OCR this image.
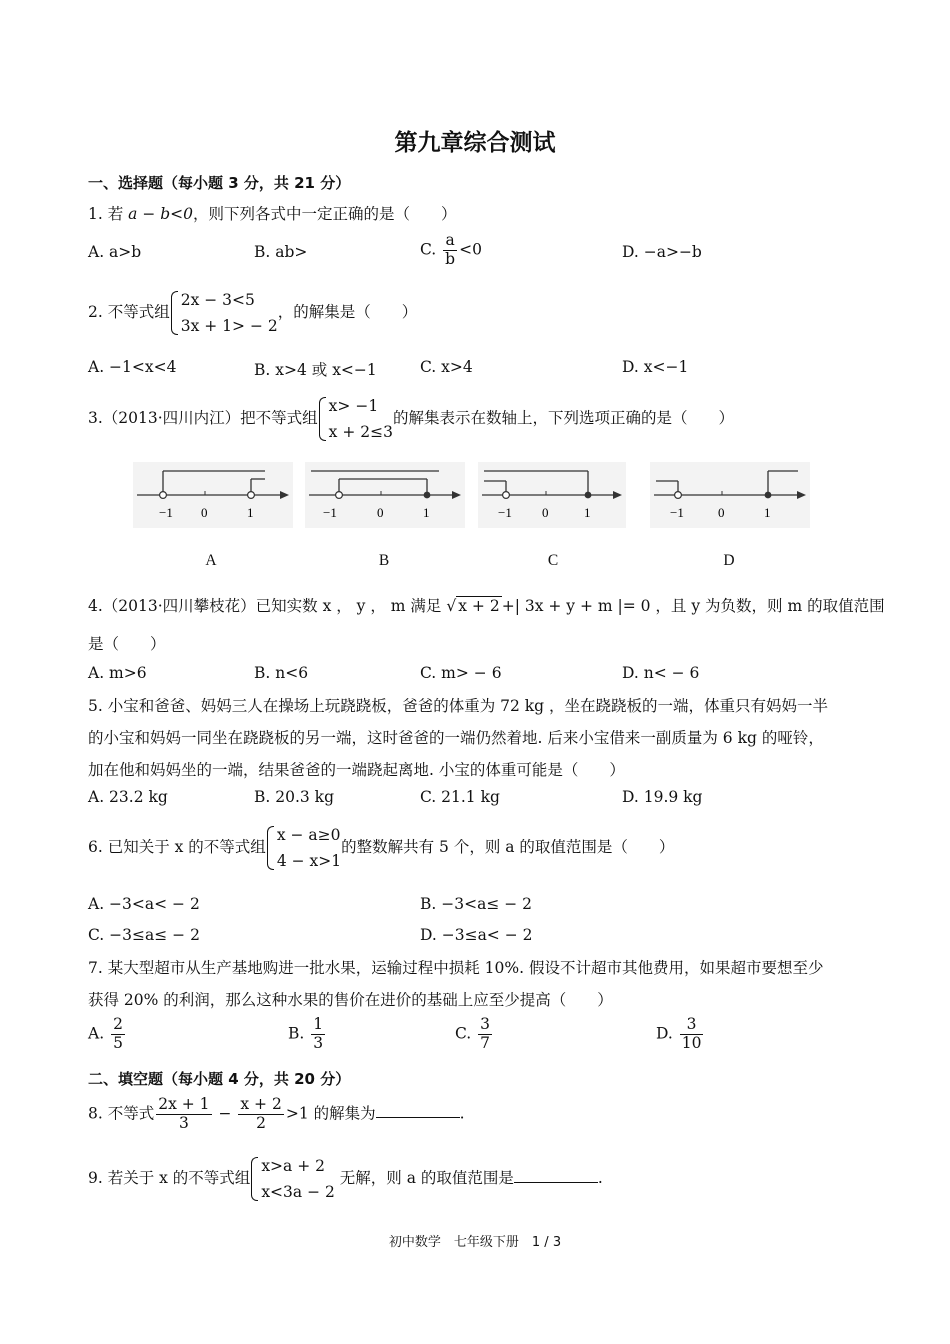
第九章综合测试
一、选择题（每小题 3 分，共 21 分）
1. 若 a − b<0，则下列各式中一定正确的是（　　）
A. a>b	B. ab>	C. $\frac{a}{b} <0$	D. −a>−b
2. 不等式组
2x − 3<5
3x + 1> − 2
，的解集是（　　）
A. −1<x<4	B. x>4 或 x<−1	C. x>4	D. x<−1
3.（2013·四川内江）把不等式组
x> −1
x + 2≤3
的解集表示在数轴上，下列选项正确的是（　　）
−1 0	1	−1	0	1	−1 0	1	−1	0	1
A	B	C	D
4.（2013·四川攀枝花）已知实数 x ， y ， m 满足 √ x + 2 +| 3x + y + m |= 0 ，且 y 为负数，则 m 的取值范围
是（　　）
A. m>6	B. n<6	C. m> − 6	D. n< − 6
5. 小宝和爸爸、妈妈三人在操场上玩跷跷板，爸爸的体重为 72 kg ，坐在跷跷板的一端，体重只有妈妈一半
的小宝和妈妈一同坐在跷跷板的另一端，这时爸爸的一端仍然着地. 后来小宝借来一副质量为 6 kg 的哑铃，
加在他和妈妈坐的一端，结果爸爸的一端跷起离地. 小宝的体重可能是（　　）
A. 23.2 kg	B. 20.3 kg	C. 21.1 kg	D. 19.9 kg
6. 已知关于 x 的不等式组
x − a≥0
4 − x>1
的整数解共有 5 个，则 a 的取值范围是（　　）
A. −3<a< − 2	B. −3<a≤ − 2
C. −3≤a≤ − 2	D. −3≤a< − 2
7. 某大型超市从生产基地购进一批水果，运输过程中损耗 10%. 假设不计超市其他费用，如果超市要想至少
获得 20% 的利润，那么这种水果的售价在进价的基础上应至少提高（　　）
A. $\frac{2}{5}$	B. $\frac{1}{3}$	C. $\frac{3}{7}$	D. $\frac{3}{10}$
二、填空题（每小题 4 分，共 20 分）
8. 不等式 $\frac{2x + 1}{3} - \frac{x + 2}{2} >1$ 的解集为	.
9. 若关于 x 的不等式组
x>a + 2
x<3a − 2
无解，则 a 的取值范围是	.
初中数学　七年级下册　1 / 3
